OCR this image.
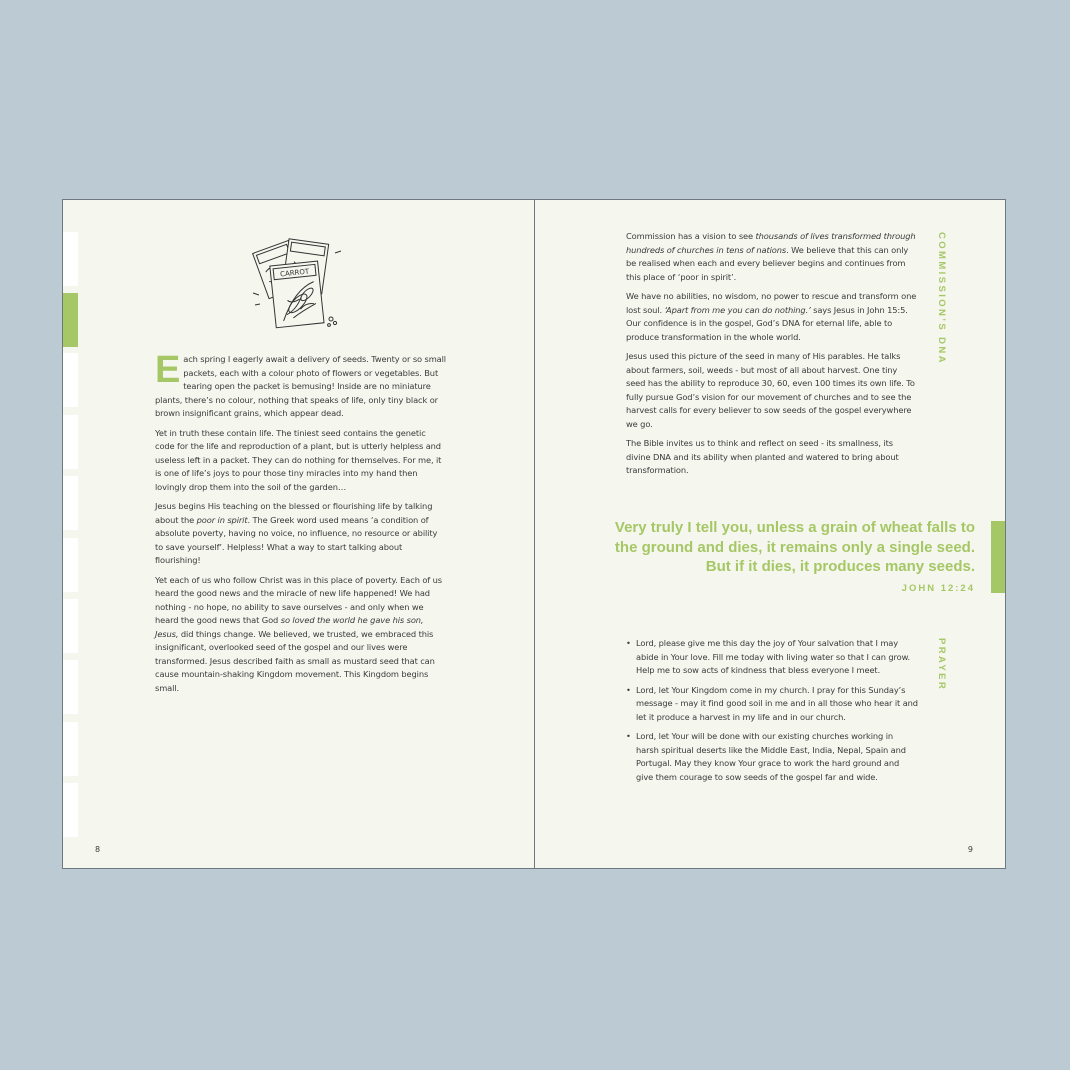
CARROT

Each spring I eagerly await a delivery of seeds. Twenty or so small packets, each with a colour photo of flowers or vegetables. But tearing open the packet is bemusing! Inside are no miniature plants, there’s no colour, nothing that speaks of life, only tiny black or brown insignificant grains, which appear dead.

Yet in truth these contain life. The tiniest seed contains the genetic code for the life and reproduction of a plant, but is utterly helpless and useless left in a packet. They can do nothing for themselves. For me, it is one of life’s joys to pour those tiny miracles into my hand then lovingly drop them into the soil of the garden…

Jesus begins His teaching on the blessed or flourishing life by talking about the poor in spirit. The Greek word used means ‘a condition of absolute poverty, having no voice, no influence, no resource or ability to save yourself’. Helpless! What a way to start talking about flourishing!

Yet each of us who follow Christ was in this place of poverty. Each of us heard the good news and the miracle of new life happened! We had nothing - no hope, no ability to save ourselves - and only when we heard the good news that God so loved the world he gave his son, Jesus, did things change. We believed, we trusted, we embraced this insignificant, overlooked seed of the gospel and our lives were transformed. Jesus described faith as small as mustard seed that can cause mountain-shaking Kingdom movement. This Kingdom begins small.

8

Commission has a vision to see thousands of lives transformed through hundreds of churches in tens of nations. We believe that this can only be realised when each and every believer begins and continues from this place of ‘poor in spirit’.

We have no abilities, no wisdom, no power to rescue and transform one lost soul. ‘Apart from me you can do nothing.’ says Jesus in John 15:5. Our confidence is in the gospel, God’s DNA for eternal life, able to produce transformation in the whole world.

Jesus used this picture of the seed in many of His parables. He talks about farmers, soil, weeds - but most of all about harvest. One tiny seed has the ability to reproduce 30, 60, even 100 times its own life. To fully pursue God’s vision for our movement of churches and to see the harvest calls for every believer to sow seeds of the gospel everywhere we go.

The Bible invites us to think and reflect on seed - its smallness, its divine DNA and its ability when planted and watered to bring about transformation.

COMMISSION’S DNA

Very truly I tell you, unless a grain of wheat falls to the ground and dies, it remains only a single seed. But if it dies, it produces many seeds.

JOHN 12:24
• Lord, please give me this day the joy of Your salvation that I may abide in Your love. Fill me today with living water so that I can grow. Help me to sow acts of kindness that bless everyone I meet.
• Lord, let Your Kingdom come in my church. I pray for this Sunday’s message - may it find good soil in me and in all those who hear it and let it produce a harvest in my life and in our church.
• Lord, let Your will be done with our existing churches working in harsh spiritual deserts like the Middle East, India, Nepal, Spain and Portugal. May they know Your grace to work the hard ground and give them courage to sow seeds of the gospel far and wide.
PRAYER
9
